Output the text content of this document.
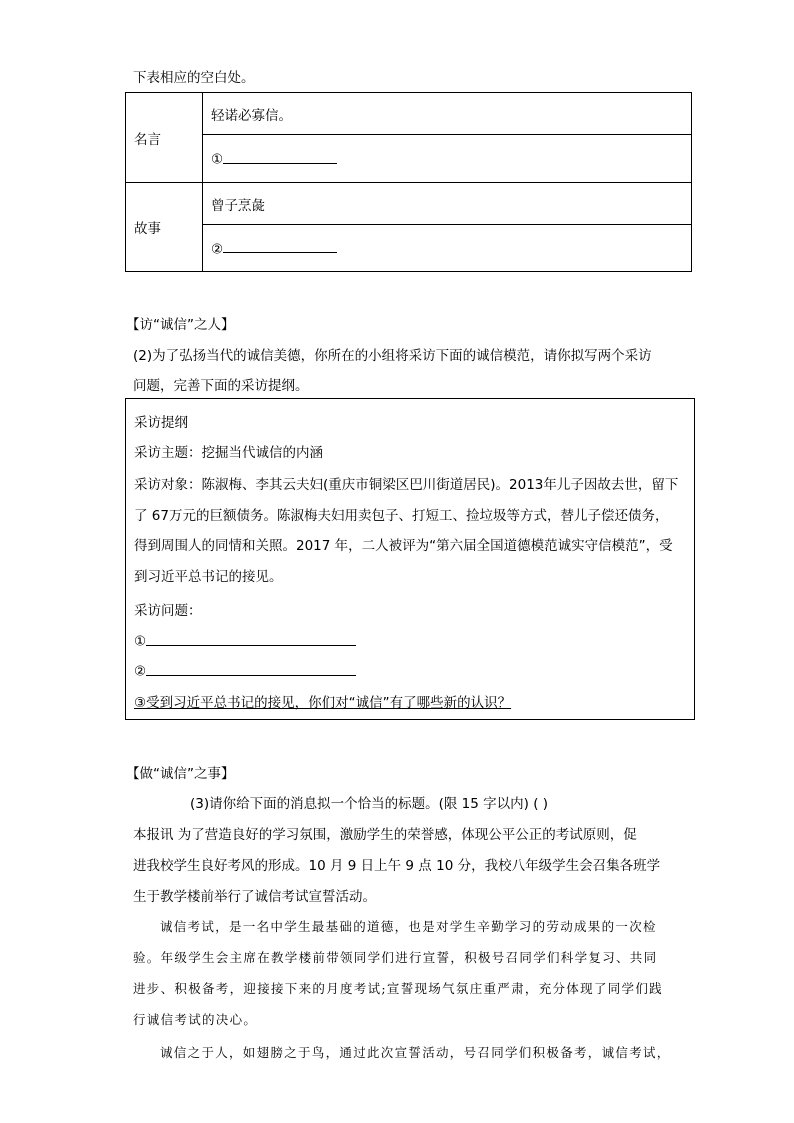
下表相应的空白处。
名言	轻诺必寡信。
	①
故事	曾子烹彘
	②
【访“诚信”之人】
(2)为了弘扬当代的诚信美德，你所在的小组将采访下面的诚信模范，请你拟写两个采访
问题，完善下面的采访提纲。
采访提纲
采访主题：挖掘当代诚信的内涵
采访对象：陈淑梅、李其云夫妇(重庆市铜梁区巴川街道居民)。2013年儿子因故去世，留下
了 67万元的巨额债务。陈淑梅夫妇用卖包子、打短工、捡垃圾等方式，替儿子偿还债务，
得到周围人的同情和关照。2017 年，二人被评为“第六届全国道德模范诚实守信模范”，受
到习近平总书记的接见。
采访问题：
①
②
③受到习近平总书记的接见，你们对“诚信”有了哪些新的认识？
【做“诚信”之事】
(3)请你给下面的消息拟一个恰当的标题。(限 15 字以内) ( )
本报讯 为了营造良好的学习氛围，激励学生的荣誉感，体现公平公正的考试原则，促
进我校学生良好考风的形成。10 月 9 日上午 9 点 10 分，我校八年级学生会召集各班学
生于教学楼前举行了诚信考试宣誓活动。
诚信考试，是一名中学生最基础的道德，也是对学生辛勤学习的劳动成果的一次检
验。年级学生会主席在教学楼前带领同学们进行宣誓，积极号召同学们科学复习、共同
进步、积极备考，迎接接下来的月度考试;宣誓现场气氛庄重严肃，充分体现了同学们践
行诚信考试的决心。
诚信之于人，如翅膀之于鸟，通过此次宣誓活动，号召同学们积极备考，诚信考试，
